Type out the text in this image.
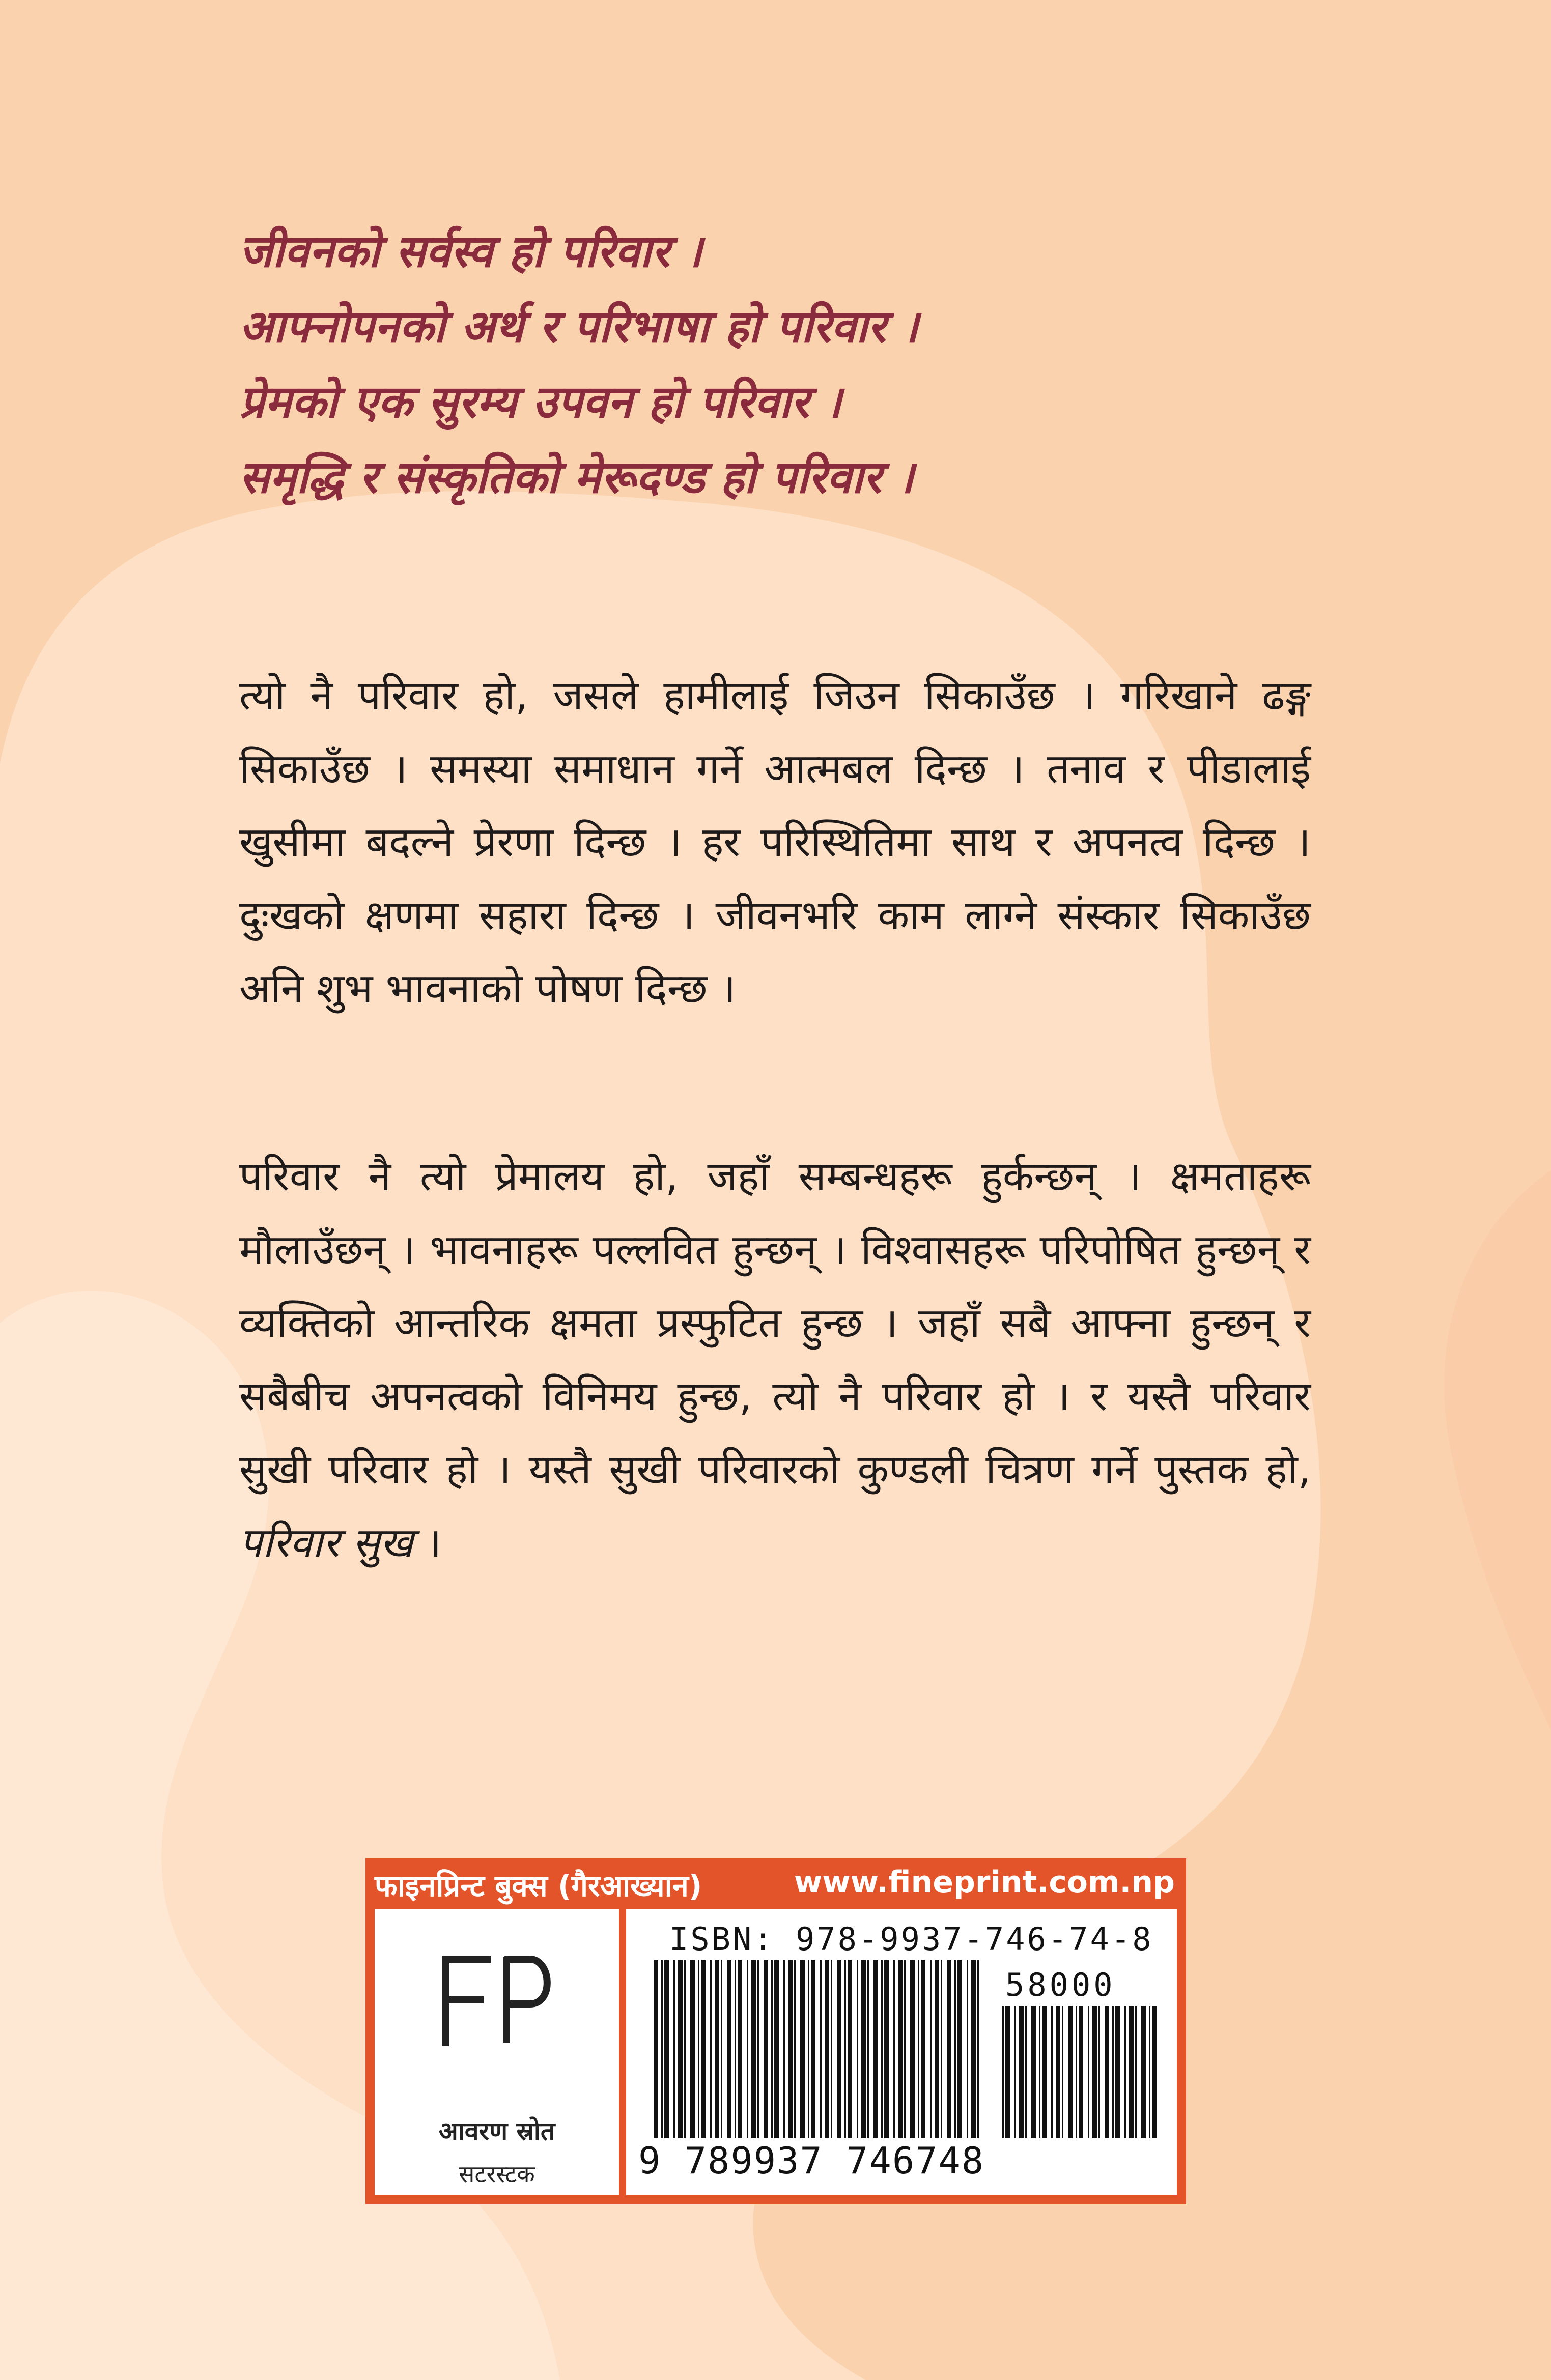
जीवनको सर्वस्व हो परिवार ।
आफ्नोपनको अर्थ र परिभाषा हो परिवार ।
प्रेमको एक सुरम्य उपवन हो परिवार ।
समृद्धि र संस्कृतिको मेरूदण्ड हो परिवार ।
त्यो नै परिवार हो, जसले हामीलाई जिउन सिकाउँछ । गरिखाने ढङ्ग सिकाउँछ । समस्या समाधान गर्ने आत्मबल दिन्छ । तनाव र पीडालाई खुसीमा बदल्ने प्रेरणा दिन्छ । हर परिस्थितिमा साथ र अपनत्व दिन्छ । दुःखको क्षणमा सहारा दिन्छ । जीवनभरि काम लाग्ने संस्कार सिकाउँछ अनि शुभ भावनाको पोषण दिन्छ ।
परिवार नै त्यो प्रेमालय हो, जहाँ सम्बन्धहरू हुर्कन्छन् । क्षमताहरू मौलाउँछन् । भावनाहरू पल्लवित हुन्छन् । विश्वासहरू परिपोषित हुन्छन् र व्यक्तिको आन्तरिक क्षमता प्रस्फुटित हुन्छ । जहाँ सबै आफ्ना हुन्छन् र सबैबीच अपनत्वको विनिमय हुन्छ, त्यो नै परिवार हो । र यस्तै परिवार सुखी परिवार हो । यस्तै सुखी परिवारको कुण्डली चित्रण गर्ने पुस्तक हो, परिवार सुख ।
फाइनप्रिन्ट बुक्स (गैरआख्यान)	www.fineprint.com.np
आवरण स्रोत
सटरस्टक
ISBN: 978-9937-746-74-8
58000
9 789937 746748
